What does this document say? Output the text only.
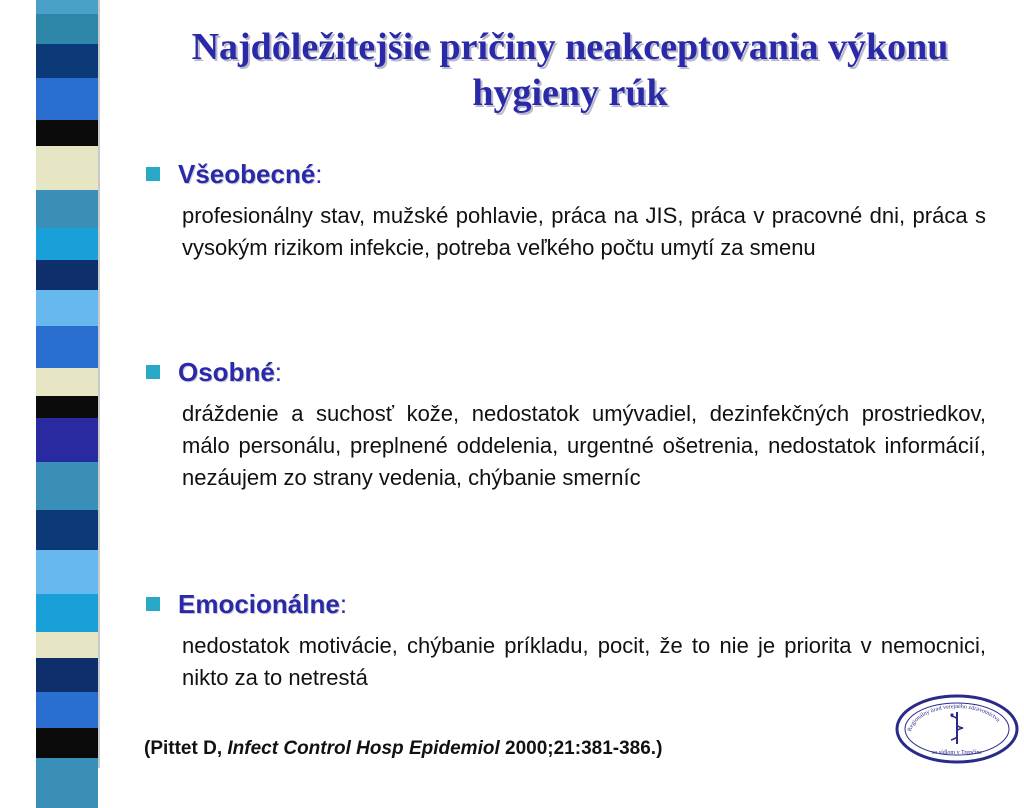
Najdôležitejšie príčiny neakceptovania výkonu hygieny rúk
Všeobecné :
profesionálny stav, mužské pohlavie, práca na JIS, práca v pracovné dni, práca s vysokým rizikom infekcie, potreba veľkého počtu umytí za smenu
Osobné :
dráždenie a suchosť kože, nedostatok umývadiel, dezinfekčných prostriedkov, málo personálu, preplnené oddelenia, urgentné ošetrenia, nedostatok informácií, nezáujem zo strany vedenia, chýbanie smerníc
Emocionálne :
nedostatok motivácie, chýbanie príkladu, pocit, že to nie je priorita v nemocnici, nikto za to netrestá
(Pittet D, Infect Control Hosp Epidemiol 2000;21:381-386.)
Regionálny úrad verejného zdravotníctva
so sídlom v Trenčíne
